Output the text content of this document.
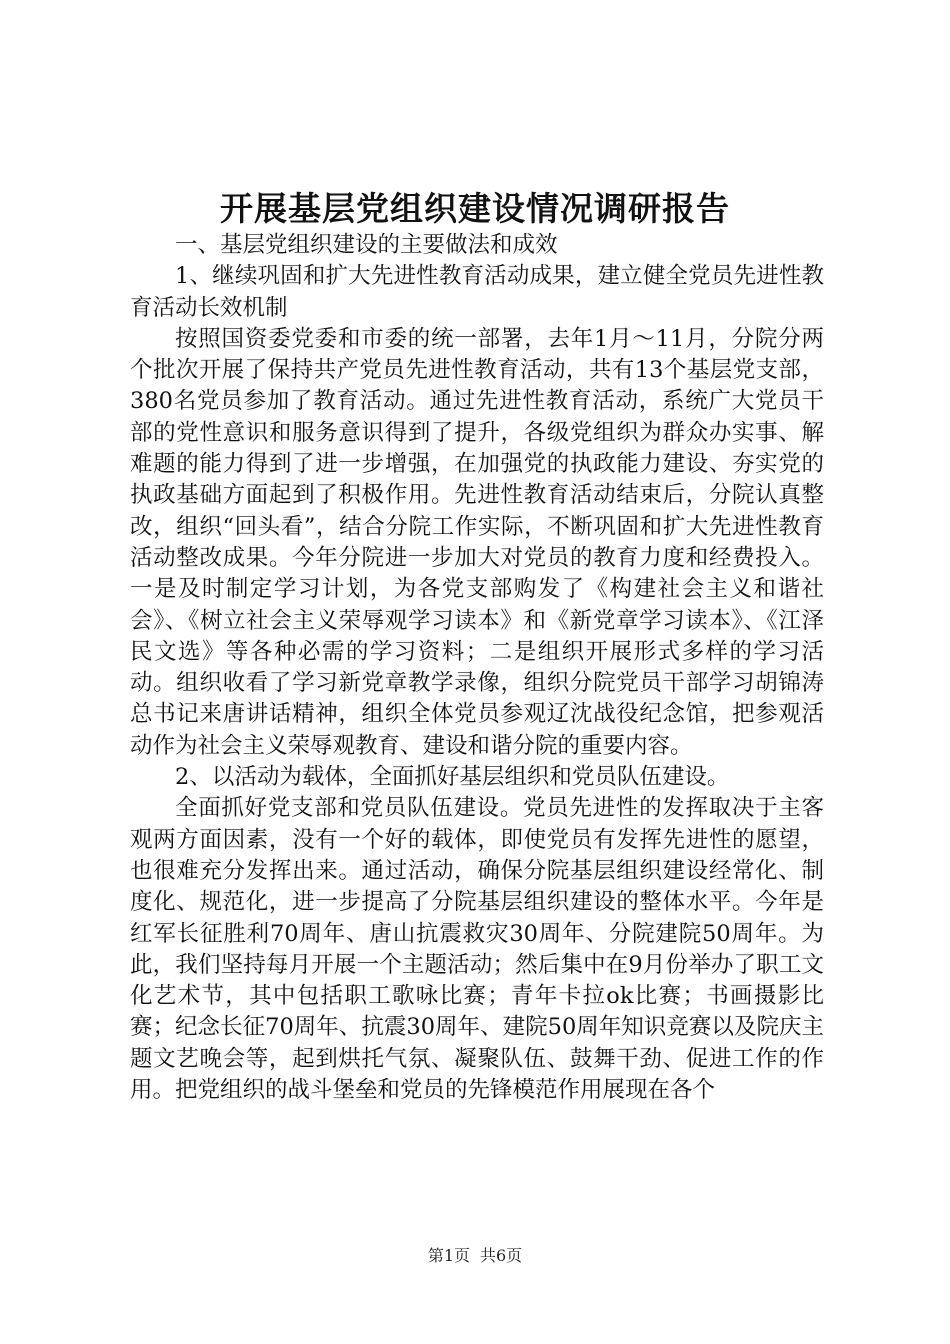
开展基层党组织建设情况调研报告

一、基层党组织建设的主要做法和成效

1、继续巩固和扩大先进性教育活动成果，建立健全党员先进性教育活动长效机制

按照国资委党委和市委的统一部署，去年1月～11月，分院分两个批次开展了保持共产党员先进性教育活动，共有13个基层党支部，380名党员参加了教育活动。通过先进性教育活动，系统广大党员干部的党性意识和服务意识得到了提升，各级党组织为群众办实事、解难题的能力得到了进一步增强，在加强党的执政能力建设、夯实党的执政基础方面起到了积极作用。先进性教育活动结束后，分院认真整改，组织“回头看”，结合分院工作实际，不断巩固和扩大先进性教育活动整改成果。今年分院进一步加大对党员的教育力度和经费投入。一是及时制定学习计划，为各党支部购发了《构建社会主义和谐社会》、《树立社会主义荣辱观学习读本》和《新党章学习读本》、《江泽民文选》等各种必需的学习资料；二是组织开展形式多样的学习活动。组织收看了学习新党章教学录像，组织分院党员干部学习胡锦涛总书记来唐讲话精神，组织全体党员参观辽沈战役纪念馆，把参观活动作为社会主义荣辱观教育、建设和谐分院的重要内容。

2、以活动为载体，全面抓好基层组织和党员队伍建设。

全面抓好党支部和党员队伍建设。党员先进性的发挥取决于主客观两方面因素，没有一个好的载体，即使党员有发挥先进性的愿望，也很难充分发挥出来。通过活动，确保分院基层组织建设经常化、制度化、规范化，进一步提高了分院基层组织建设的整体水平。今年是红军长征胜利70周年、唐山抗震救灾30周年、分院建院50周年。为此，我们坚持每月开展一个主题活动；然后集中在9月份举办了职工文化艺术节，其中包括职工歌咏比赛；青年卡拉ok比赛；书画摄影比赛；纪念长征70周年、抗震30周年、建院50周年知识竞赛以及院庆主题文艺晚会等，起到烘托气氛、凝聚队伍、鼓舞干劲、促进工作的作用。把党组织的战斗堡垒和党员的先锋模范作用展现在各个

第1页 共6页
